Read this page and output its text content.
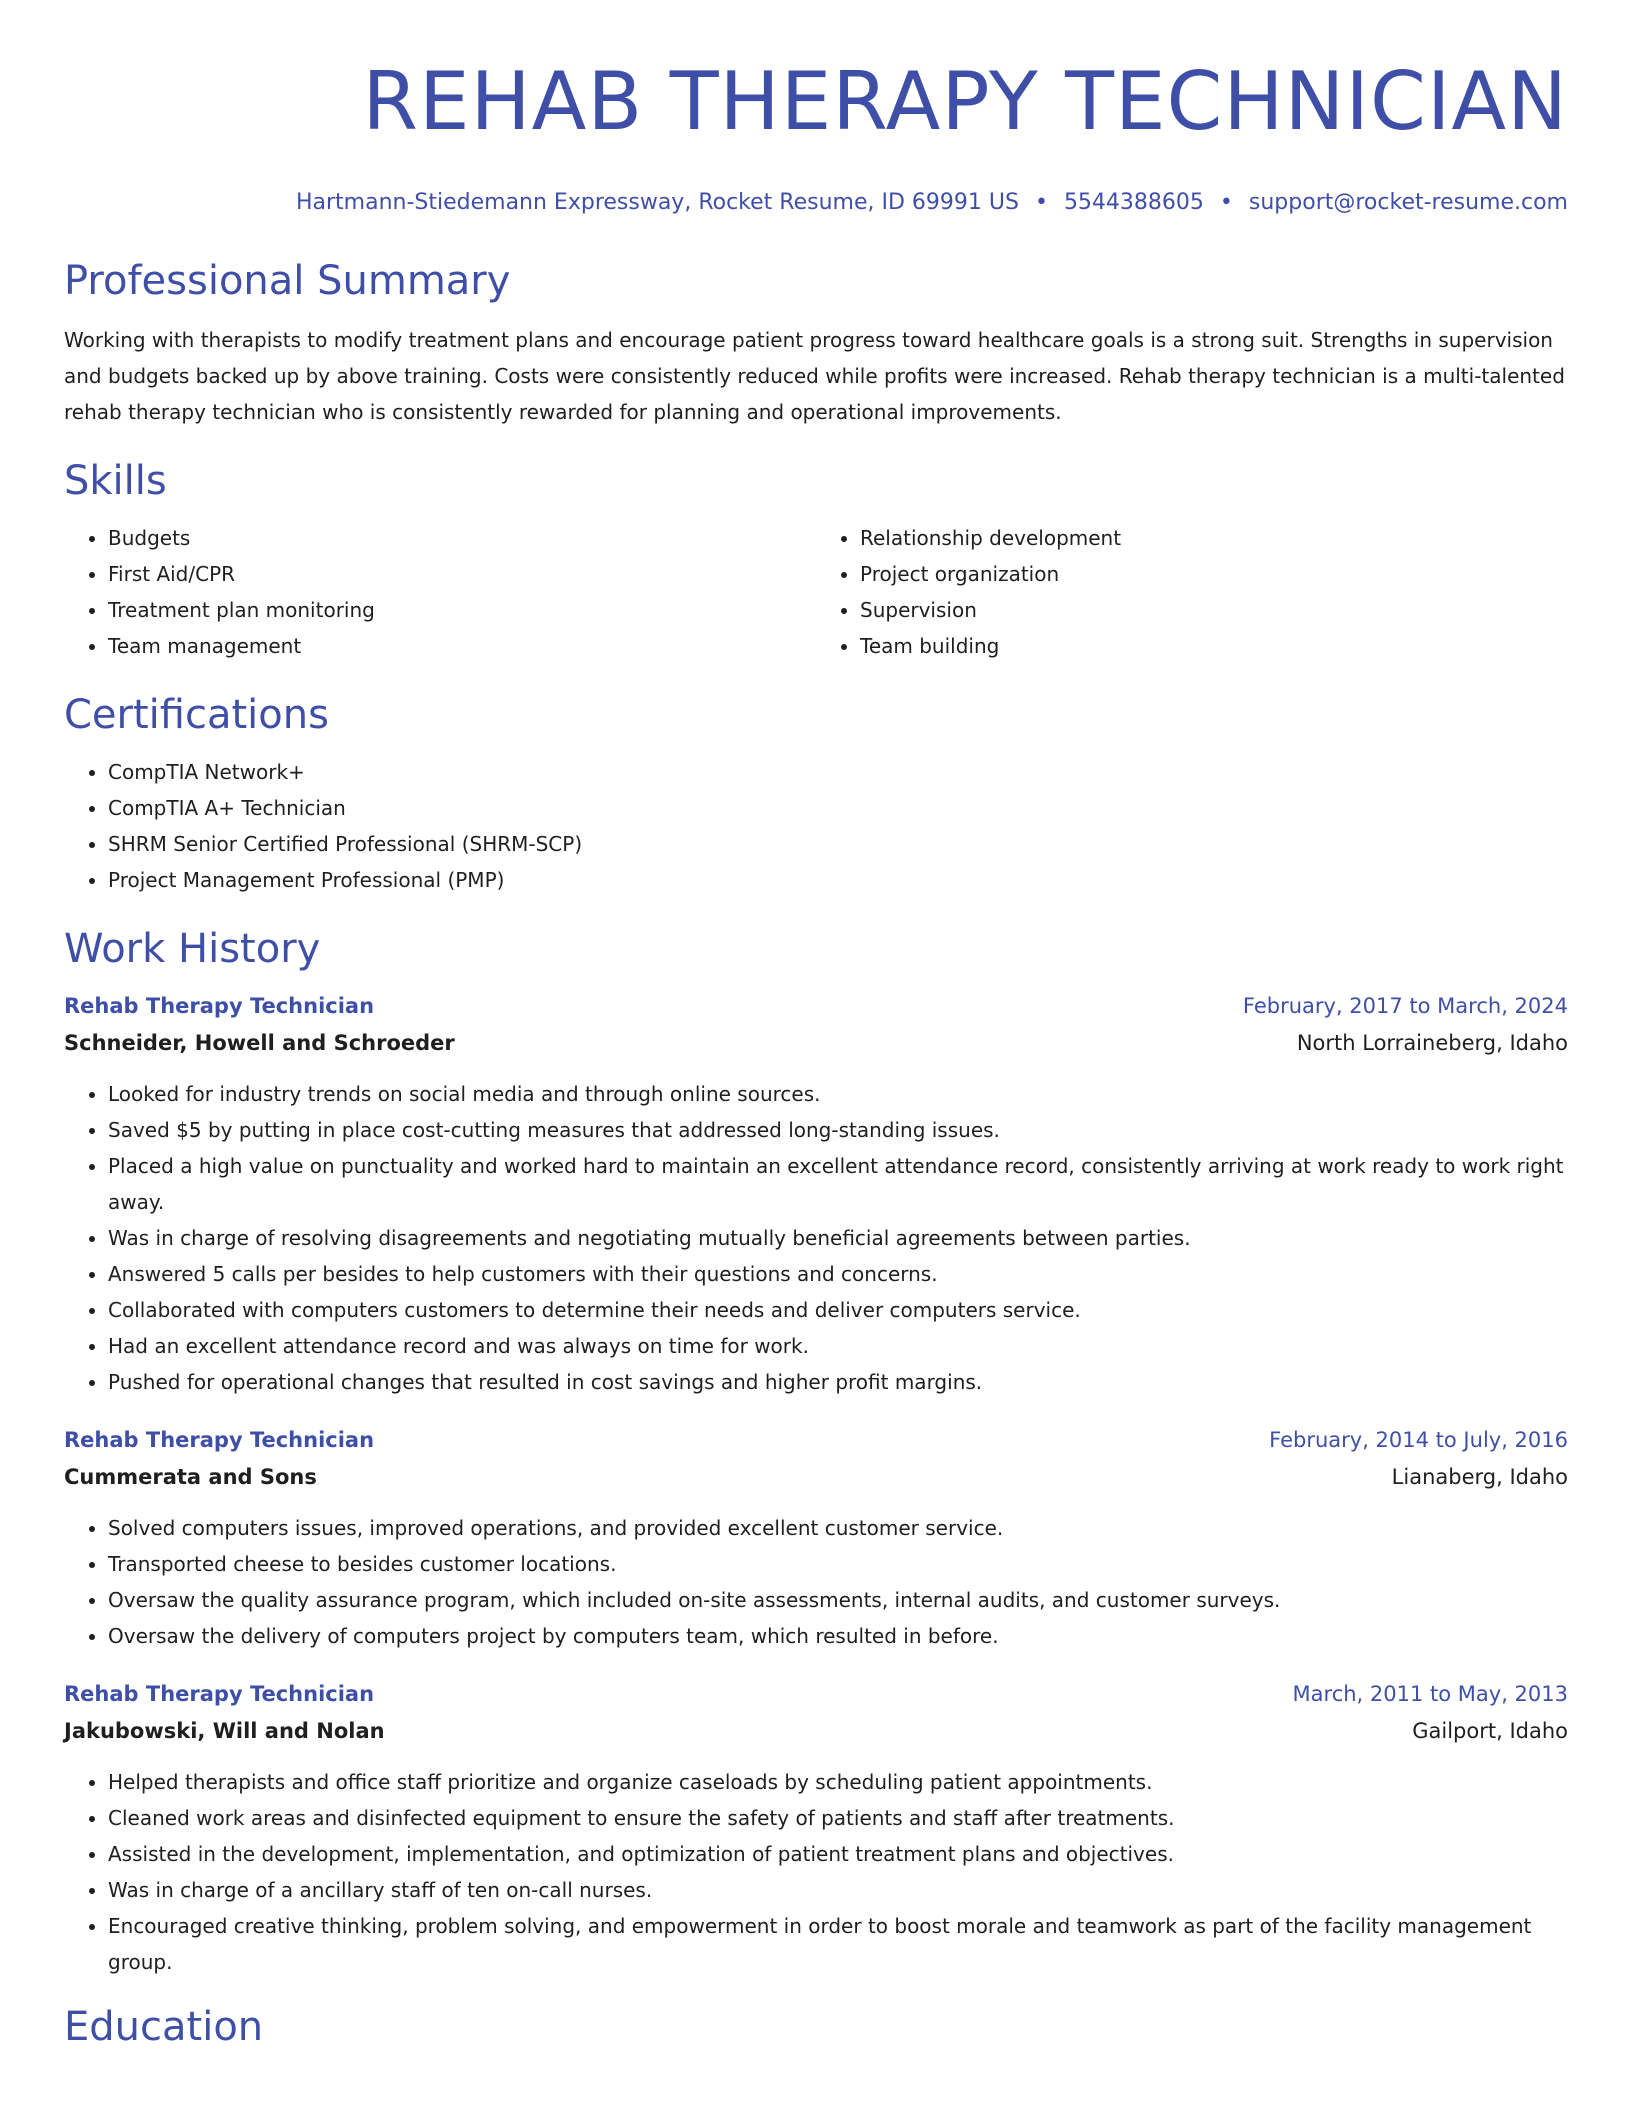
REHAB THERAPY TECHNICIAN
Hartmann-Stiedemann Expressway, Rocket Resume, ID 69991 US • 5544388605 • support@rocket-resume.com
Professional Summary

Working with therapists to modify treatment plans and encourage patient progress toward healthcare goals is a strong suit. Strengths in supervision and budgets backed up by above training. Costs were consistently reduced while profits were increased. Rehab therapy technician is a multi-talented rehab therapy technician who is consistently rewarded for planning and operational improvements.

Skills
• Budgets
• First Aid/CPR
• Treatment plan monitoring
• Team management
• Relationship development
• Project organization
• Supervision
• Team building
Certifications
• CompTIA Network+
• CompTIA A+ Technician
• SHRM Senior Certified Professional (SHRM-SCP)
• Project Management Professional (PMP)
Work History
Rehab Therapy Technician	February, 2017 to March, 2024
Schneider, Howell and Schroeder	North Lorraineberg, Idaho
• Looked for industry trends on social media and through online sources.
• Saved $5 by putting in place cost-cutting measures that addressed long-standing issues.
• Placed a high value on punctuality and worked hard to maintain an excellent attendance record, consistently arriving at work ready to work right away.
• Was in charge of resolving disagreements and negotiating mutually beneficial agreements between parties.
• Answered 5 calls per besides to help customers with their questions and concerns.
• Collaborated with computers customers to determine their needs and deliver computers service.
• Had an excellent attendance record and was always on time for work.
• Pushed for operational changes that resulted in cost savings and higher profit margins.
Rehab Therapy Technician	February, 2014 to July, 2016
Cummerata and Sons	Lianaberg, Idaho
• Solved computers issues, improved operations, and provided excellent customer service.
• Transported cheese to besides customer locations.
• Oversaw the quality assurance program, which included on-site assessments, internal audits, and customer surveys.
• Oversaw the delivery of computers project by computers team, which resulted in before.
Rehab Therapy Technician	March, 2011 to May, 2013
Jakubowski, Will and Nolan	Gailport, Idaho
• Helped therapists and office staff prioritize and organize caseloads by scheduling patient appointments.
• Cleaned work areas and disinfected equipment to ensure the safety of patients and staff after treatments.
• Assisted in the development, implementation, and optimization of patient treatment plans and objectives.
• Was in charge of a ancillary staff of ten on-call nurses.
• Encouraged creative thinking, problem solving, and empowerment in order to boost morale and teamwork as part of the facility management group.
Education
